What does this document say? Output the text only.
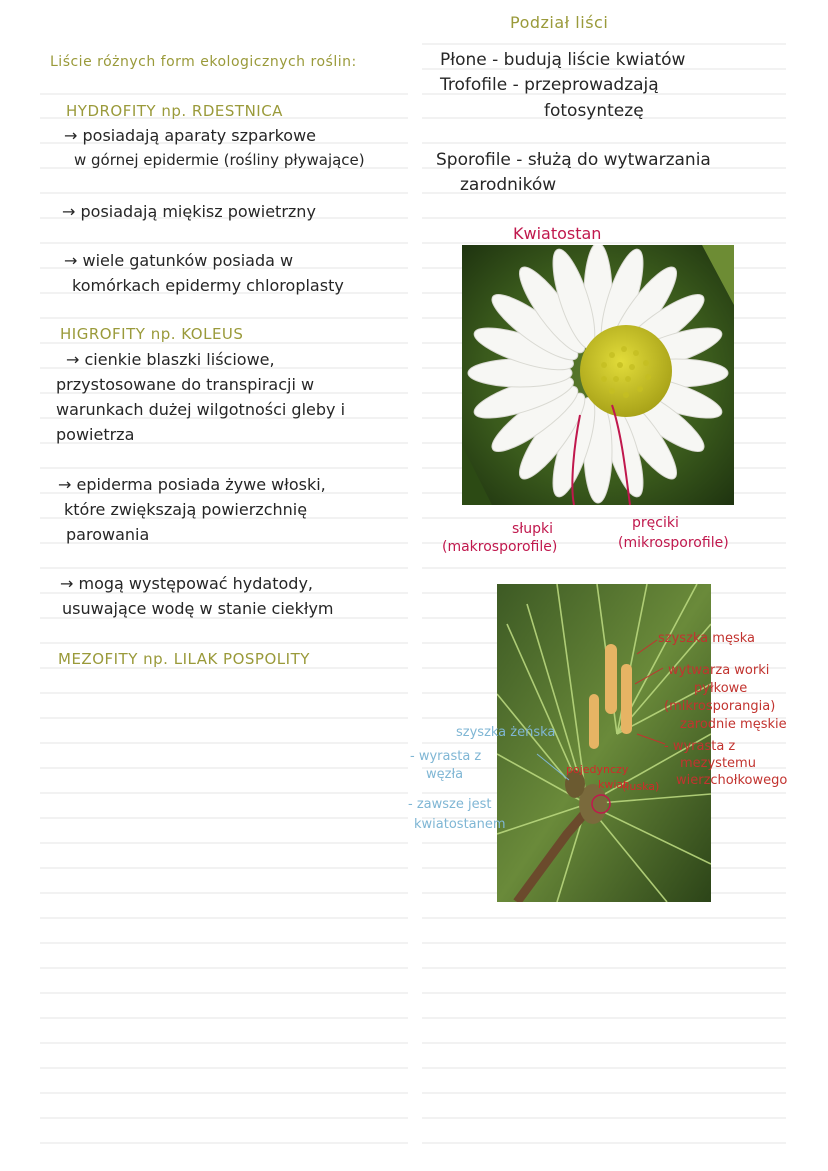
Liście różnych form ekologicznych roślin:
HYDROFITY np. RDESTNICA
→ posiadają aparaty szparkowe
w górnej epidermie (rośliny pływające)
→ posiadają miękisz powietrzny
→ wiele gatunków posiada w
komórkach epidermy chloroplasty
HIGROFITY np. KOLEUS
→ cienkie blaszki liściowe,
przystosowane do transpiracji w
warunkach dużej wilgotności gleby i
powietrza
→ epiderma posiada żywe włoski,
które zwiększają powierzchnię
parowania
→ mogą występować hydatody,
usuwające wodę w stanie ciekłym
MEZOFITY np. LILAK POSPOLITY
Podział liści
Płone - budują liście kwiatów
Trofofile - przeprowadzają
fotosyntezę
Sporofile - służą do wytwarzania
zarodników
Kwiatostan
słupki
(makrosporofile)
pręciki
(mikrosporofile)
szyszka męska
wytwarza worki
pyłkowe
(mikrosporangia)
zarodnie męskie
- wyrasta z
mezystemu
wierzchołkowego
szyszka żeńska
- wyrasta z
węzła
- zawsze jest
kwiatostanem
pojedynczy
kwiat
(łuska)
